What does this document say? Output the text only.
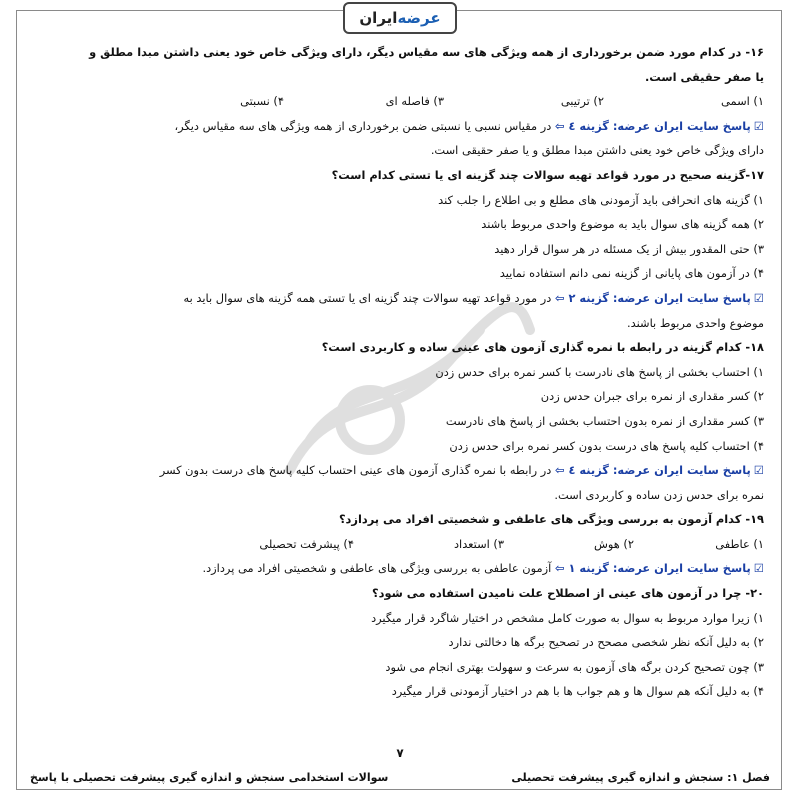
ایران عرضه
۱۶- در کدام مورد ضمن برخورداری از همه ویژگی های سه مقیاس دیگر، دارای ویژگی خاص خود یعنی داشتن مبدا مطلق و
یا صفر حقیقی است.
۱) اسمی
۲) ترتیبی
۳) فاصله ای
۴) نسبتی
☑پاسخ سایت ایران عرضه: گزینه ٤ ⇦ در مقیاس نسبی یا نسبتی ضمن برخورداری از همه ویژگی های سه مقیاس دیگر،
دارای ویژگی خاص خود یعنی داشتن مبدا مطلق و یا صفر حقیقی است.
۱۷-گزینه صحیح در مورد قواعد تهیه سوالات چند گزینه ای یا تستی کدام است؟
۱) گزینه های انحرافی باید آزمودنی های مطلع و بی اطلاع را جلب کند
۲) همه گزینه های سوال باید به موضوع واحدی مربوط باشند
۳) حتی المقدور بیش از یک مسئله در هر سوال قرار دهید
۴) در آزمون های پایانی از گزینه نمی دانم استفاده نمایید
☑پاسخ سایت ایران عرضه: گزینه ۲ ⇦ در مورد قواعد تهیه سوالات چند گزینه ای یا تستی همه گزینه های سوال باید به
موضوع واحدی مربوط باشند.
۱۸- کدام گزینه در رابطه با نمره گذاری آزمون های عینی ساده و کاربردی است؟
۱) احتساب بخشی از پاسخ های نادرست با کسر نمره برای حدس زدن
۲) کسر مقداری از نمره برای جبران حدس زدن
۳) کسر مقداری از نمره بدون احتساب بخشی از پاسخ های نادرست
۴) احتساب کلیه پاسخ های درست بدون کسر نمره برای حدس زدن
☑پاسخ سایت ایران عرضه: گزینه ٤ ⇦ در رابطه با نمره گذاری آزمون های عینی احتساب کلیه پاسخ های درست بدون کسر
نمره برای حدس زدن ساده و کاربردی است.
۱۹- کدام آزمون به بررسی ویژگی های عاطفی و شخصیتی افراد می پردازد؟
۱) عاطفی
۲) هوش
۳) استعداد
۴) پیشرفت تحصیلی
☑پاسخ سایت ایران عرضه: گزینه ۱ ⇦ آزمون عاطفی به بررسی ویژگی های عاطفی و شخصیتی افراد می پردازد.
۲۰- چرا در آزمون های عینی از اصطلاح علت نامیدن استفاده می شود؟
۱) زیرا موارد مربوط به سوال به صورت کامل مشخص در اختیار شاگرد قرار میگیرد
۲) به دلیل آنکه نظر شخصی مصحح در تصحیح برگه ها دخالتی ندارد
۳) چون تصحیح کردن برگه های آزمون به سرعت و سهولت بهتری انجام می شود
۴) به دلیل آنکه هم سوال ها و هم جواب ها با هم در اختیار آزمودنی قرار میگیرد
۷
فصل ۱: سنجش و اندازه گیری پیشرفت تحصیلی
سوالات استخدامی سنجش و اندازه گیری پیشرفت تحصیلی با پاسخ
